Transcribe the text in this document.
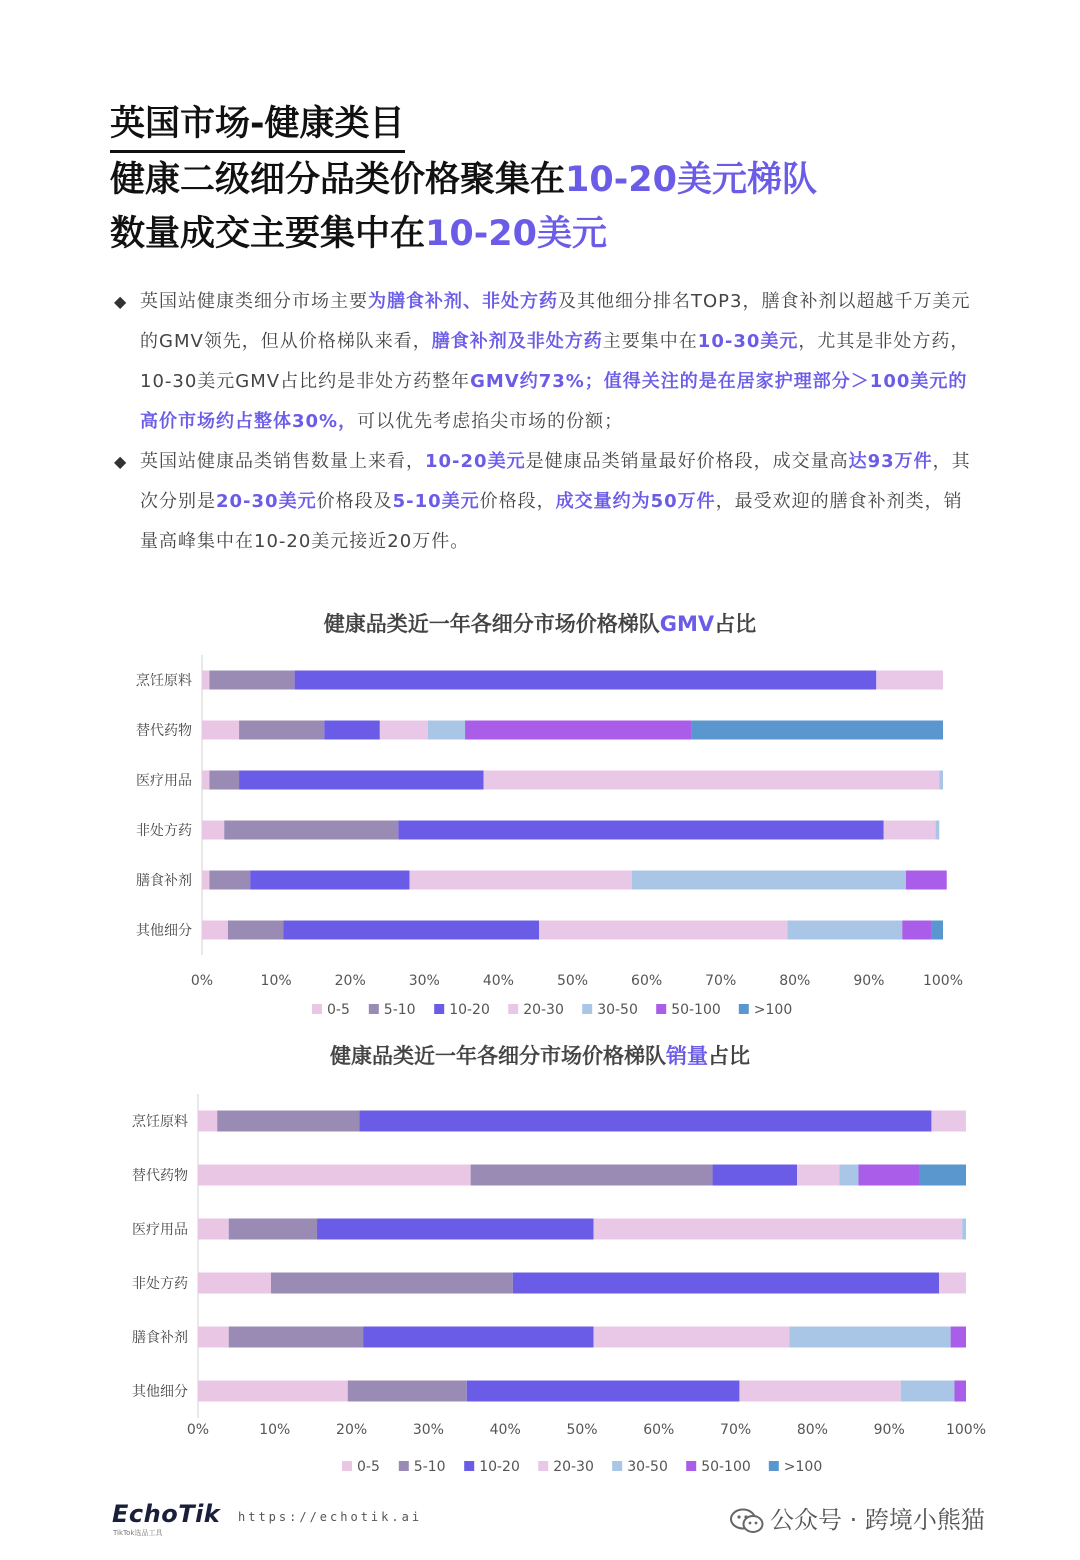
英国市场-健康类目
健康二级细分品类价格聚集在10-20美元梯队
数量成交主要集中在10-20美元
◆ 英国站健康类细分市场主要为膳食补剂、非处方药及其他细分排名TOP3，膳食补剂以超越千万美元的GMV领先，但从价格梯队来看，膳食补剂及非处方药主要集中在10-30美元，尤其是非处方药，10-30美元GMV占比约是非处方药整年GMV约73%；值得关注的是在居家护理部分＞100美元的高价市场约占整体30%，可以优先考虑掐尖市场的份额；
◆ 英国站健康品类销售数量上来看，10-20美元是健康品类销量最好价格段，成交量高达93万件，其次分别是20-30美元价格段及5-10美元价格段，成交量约为50万件，最受欢迎的膳食补剂类，销量高峰集中在10-20美元接近20万件。
健康品类近一年各细分市场价格梯队GMV占比
烹饪原料
替代药物
医疗用品
非处方药
膳食补剂
其他细分
0%	10%	20%	30%	40%	50%	60%	70%	80%	90%	100%
0-5 5-10 10-20 20-30 30-50 50-100 >100
健康品类近一年各细分市场价格梯队销量占比
烹饪原料
替代药物
医疗用品
非处方药
膳食补剂
其他细分
0%	10%	20%	30%	40%	50%	60%	70%	80%	90%	100%
0-5 5-10 10-20 20-30 30-50 50-100 >100
EchoTik
TikTok选品工具
https://echotik.ai	公众号 · 跨境小熊猫
